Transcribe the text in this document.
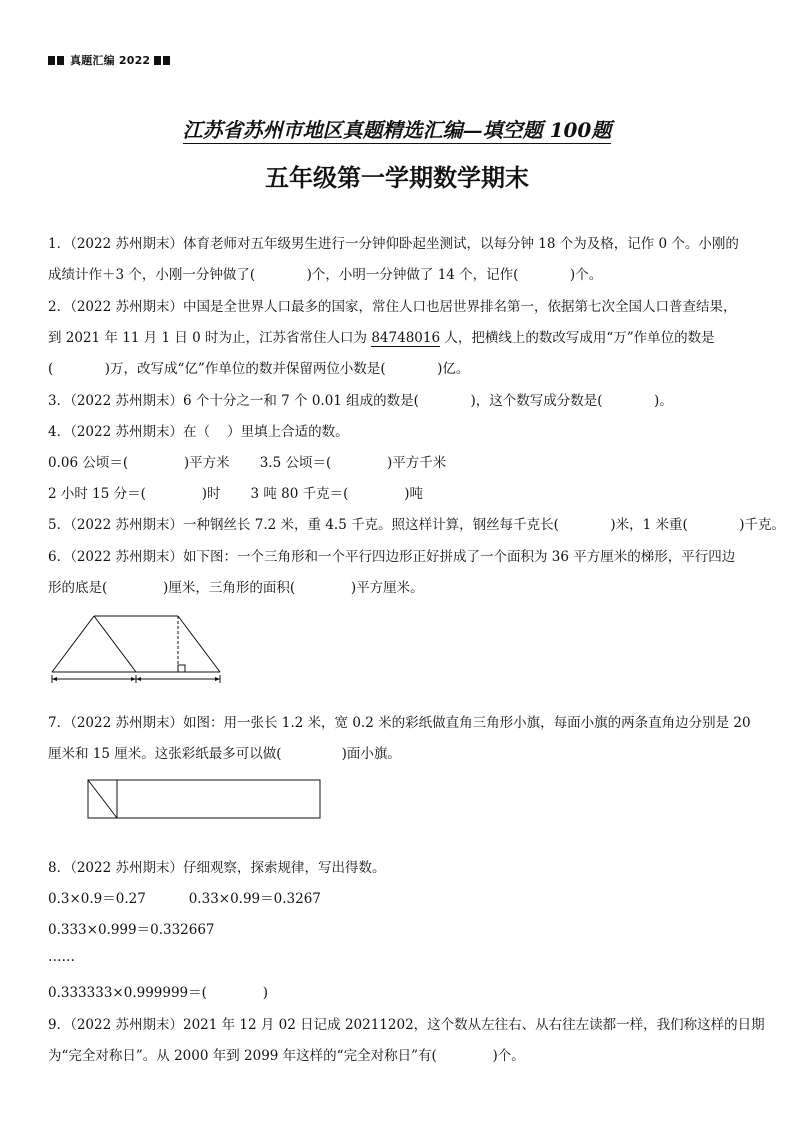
真题汇编 2022
江苏省苏州市地区真题精选汇编—填空题 100题
五年级第一学期数学期末
1．（2022 苏州期末）体育老师对五年级男生进行一分钟仰卧起坐测试，以每分钟 18 个为及格，记作 0 个。小刚的
成绩计作＋3 个，小刚一分钟做了(            )个，小明一分钟做了 14 个，记作(            )个。
2．（2022 苏州期末）中国是全世界人口最多的国家，常住人口也居世界排名第一，依据第七次全国人口普查结果，
到 2021 年 11 月 1 日 0 时为止，江苏省常住人口为 84748016 人，把横线上的数改写成用“万”作单位的数是
(            )万，改写成“亿”作单位的数并保留两位小数是(            )亿。
3．（2022 苏州期末）6 个十分之一和 7 个 0.01 组成的数是(            )，这个数写成分数是(            )。
4．（2022 苏州期末）在（    ）里填上合适的数。
0.06 公顷＝(             )平方米       3.5 公顷＝(             )平方千米
2 小时 15 分＝(             )时       3 吨 80 千克＝(             )吨
5．（2022 苏州期末）一种钢丝长 7.2 米，重 4.5 千克。照这样计算，钢丝每千克长(            )米，1 米重(            )千克。
6．（2022 苏州期末）如下图：一个三角形和一个平行四边形正好拼成了一个面积为 36 平方厘米的梯形，平行四边
形的底是(             )厘米，三角形的面积(             )平方厘米。
7．（2022 苏州期末）如图：用一张长 1.2 米，宽 0.2 米的彩纸做直角三角形小旗，每面小旗的两条直角边分别是 20
厘米和 15 厘米。这张彩纸最多可以做(              )面小旗。
8．（2022 苏州期末）仔细观察，探索规律，写出得数。
0.3×0.9＝0.27          0.33×0.99＝0.3267
0.333×0.999＝0.332667
……
0.333333×0.999999＝(             )
9．（2022 苏州期末）2021 年 12 月 02 日记成 20211202，这个数从左往右、从右往左读都一样，我们称这样的日期
为“完全对称日”。从 2000 年到 2099 年这样的“完全对称日”有(             )个。
